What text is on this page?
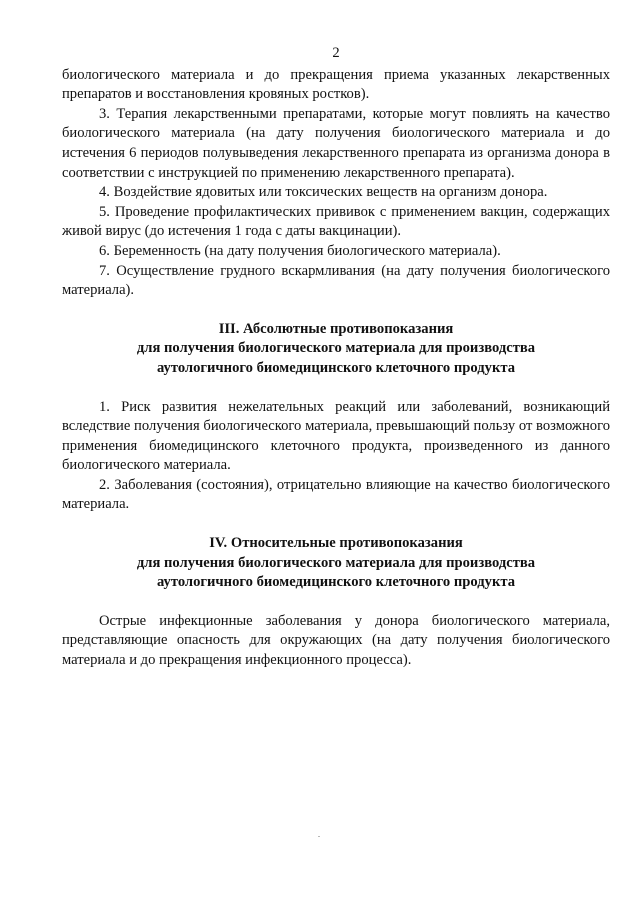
2

биологического материала и до прекращения приема указанных лекарственных препаратов и восстановления кровяных ростков).

3. Терапия лекарственными препаратами, которые могут повлиять на качество биологического материала (на дату получения биологического материала и до истечения 6 периодов полувыведения лекарственного препарата из организма донора в соответствии с инструкцией по применению лекарственного препарата).

4. Воздействие ядовитых или токсических веществ на организм донора.

5. Проведение профилактических прививок с применением вакцин, содержащих живой вирус (до истечения 1 года с даты вакцинации).

6. Беременность (на дату получения биологического материала).

7. Осуществление грудного вскармливания (на дату получения биологического материала).

III. Абсолютные противопоказания
для получения биологического материала для производства
аутологичного биомедицинского клеточного продукта

1. Риск развития нежелательных реакций или заболеваний, возникающий вследствие получения биологического материала, превышающий пользу от возможного применения биомедицинского клеточного продукта, произведенного из данного биологического материала.

2. Заболевания (состояния), отрицательно влияющие на качество биологического материала.

IV. Относительные противопоказания
для получения биологического материала для производства
аутологичного биомедицинского клеточного продукта

Острые инфекционные заболевания у донора биологического материала, представляющие опасность для окружающих (на дату получения биологического материала и до прекращения инфекционного процесса).
